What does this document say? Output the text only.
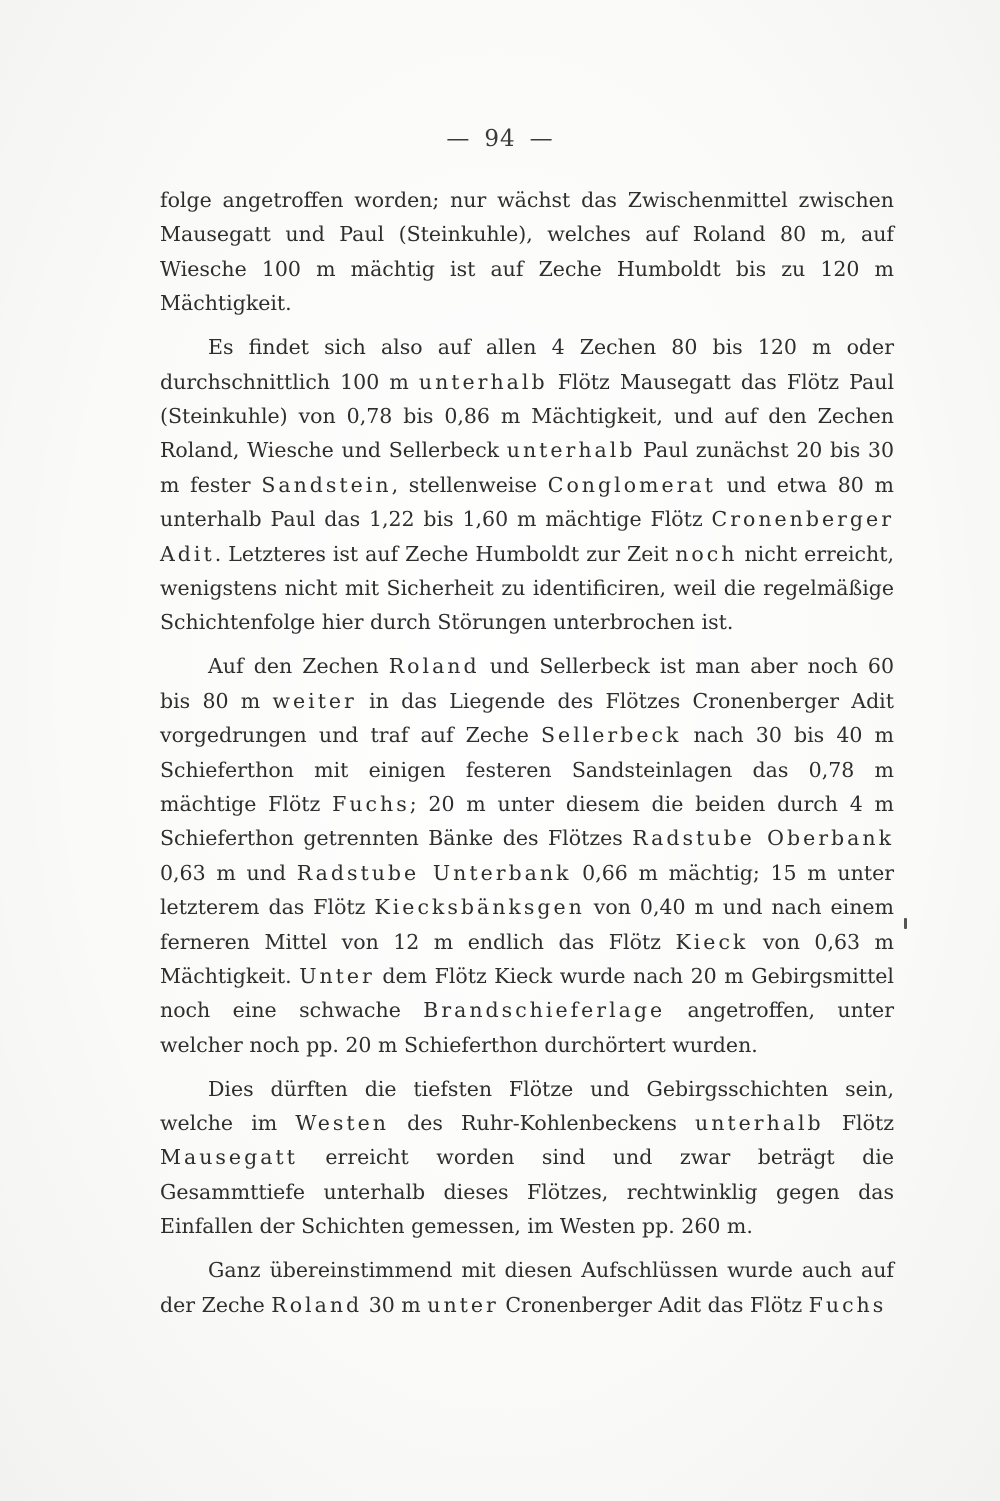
— 94 —

folge angetroffen worden; nur wächst das Zwischenmittel zwischen Mausegatt und Paul (Steinkuhle), welches auf Roland 80 m, auf Wiesche 100 m mächtig ist auf Zeche Humboldt bis zu 120 m Mächtigkeit.

Es findet sich also auf allen 4 Zechen 80 bis 120 m oder durchschnittlich 100 m unterhalb Flötz Mausegatt das Flötz Paul (Steinkuhle) von 0,78 bis 0,86 m Mächtigkeit, und auf den Zechen Roland, Wiesche und Sellerbeck unterhalb Paul zunächst 20 bis 30 m fester Sandstein, stellenweise Conglomerat und etwa 80 m unterhalb Paul das 1,22 bis 1,60 m mächtige Flötz Cronenberger Adit. Letzteres ist auf Zeche Humboldt zur Zeit noch nicht erreicht, wenigstens nicht mit Sicherheit zu identificiren, weil die regelmäßige Schichtenfolge hier durch Störungen unterbrochen ist.

Auf den Zechen Roland und Sellerbeck ist man aber noch 60 bis 80 m weiter in das Liegende des Flötzes Cronenberger Adit vorgedrungen und traf auf Zeche Sellerbeck nach 30 bis 40 m Schieferthon mit einigen festeren Sandsteinlagen das 0,78 m mächtige Flötz Fuchs; 20 m unter diesem die beiden durch 4 m Schieferthon getrennten Bänke des Flötzes Radstube Oberbank 0,63 m und Radstube Unterbank 0,66 m mächtig; 15 m unter letzterem das Flötz Kiecksbänksgen von 0,40 m und nach einem ferneren Mittel von 12 m endlich das Flötz Kieck von 0,63 m Mächtigkeit. Unter dem Flötz Kieck wurde nach 20 m Gebirgsmittel noch eine schwache Brandschieferlage angetroffen, unter welcher noch pp. 20 m Schieferthon durchörtert wurden.

Dies dürften die tiefsten Flötze und Gebirgsschichten sein, welche im Westen des Ruhr-Kohlenbeckens unterhalb Flötz Mausegatt erreicht worden sind und zwar beträgt die Gesammttiefe unterhalb dieses Flötzes, rechtwinklig gegen das Einfallen der Schichten gemessen, im Westen pp. 260 m.

Ganz übereinstimmend mit diesen Aufschlüssen wurde auch auf der Zeche Roland 30 m unter Cronenberger Adit das Flötz Fuchs
